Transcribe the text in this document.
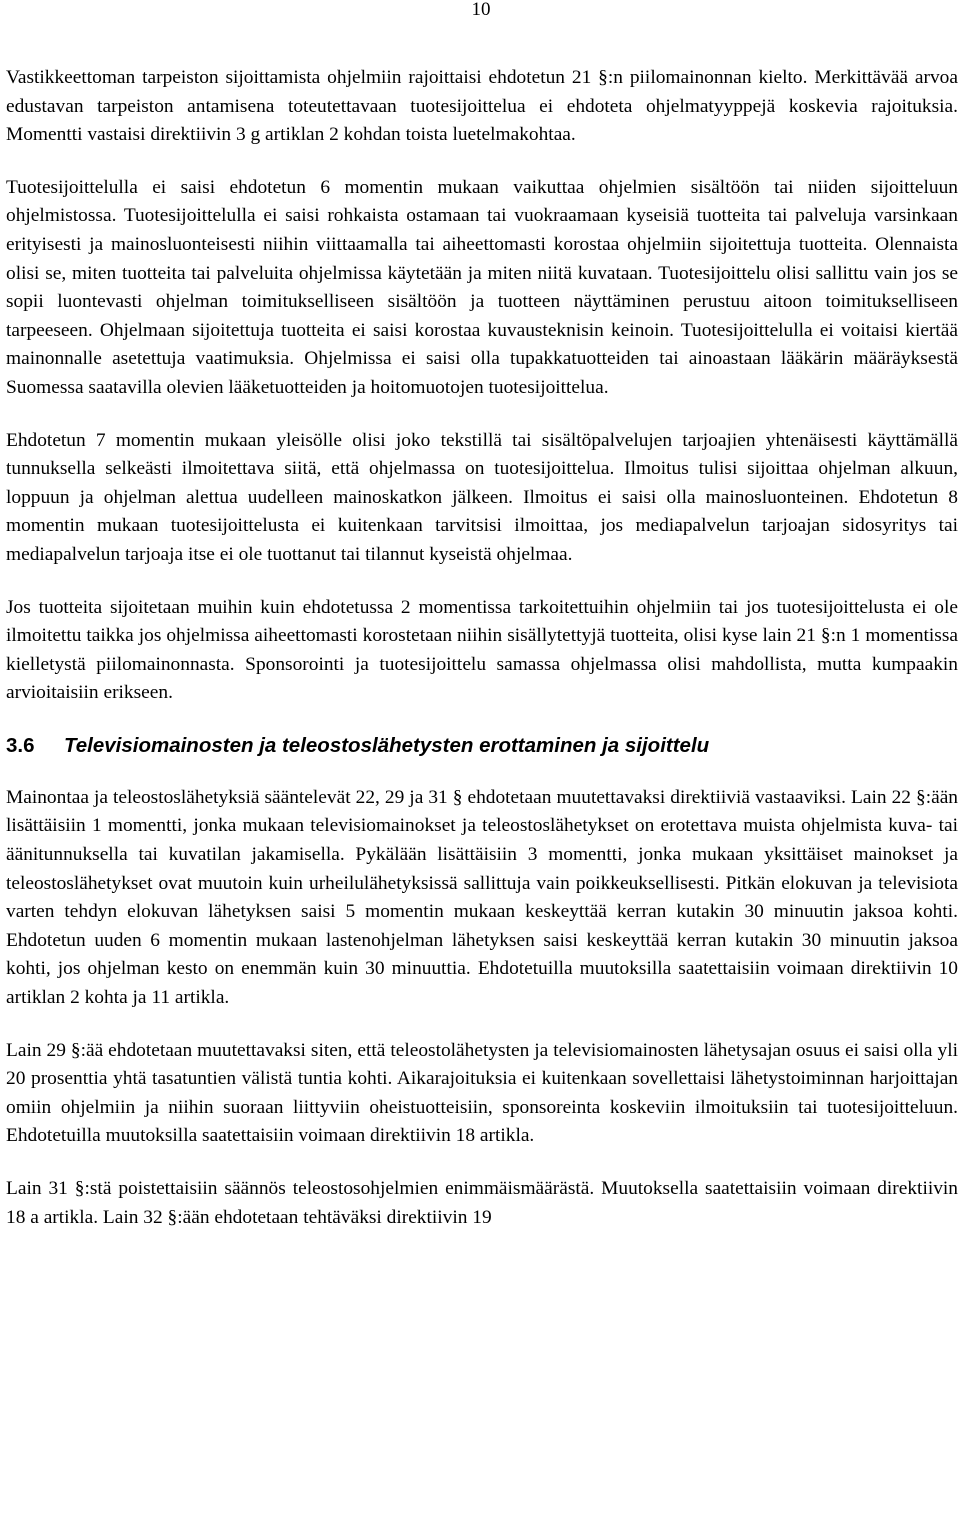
10

Vastikkeettoman tarpeiston sijoittamista ohjelmiin rajoittaisi ehdotetun 21 §:n piilomainonnan kielto. Merkittävää arvoa edustavan tarpeiston antamisena toteutettavaan tuotesijoittelua ei ehdoteta ohjelmatyyppejä koskevia rajoituksia. Momentti vastaisi direktiivin 3 g artiklan 2 kohdan toista luetelmakohtaa.

Tuotesijoittelulla ei saisi ehdotetun 6 momentin mukaan vaikuttaa ohjelmien sisältöön tai niiden sijoitteluun ohjelmistossa. Tuotesijoittelulla ei saisi rohkaista ostamaan tai vuokraamaan kyseisiä tuotteita tai palveluja varsinkaan erityisesti ja mainosluonteisesti niihin viittaamalla tai aiheettomasti korostaa ohjelmiin sijoitettuja tuotteita. Olennaista olisi se, miten tuotteita tai palveluita ohjelmissa käytetään ja miten niitä kuvataan. Tuotesijoittelu olisi sallittu vain jos se sopii luontevasti ohjelman toimitukselliseen sisältöön ja tuotteen näyttäminen perustuu aitoon toimitukselliseen tarpeeseen. Ohjelmaan sijoitettuja tuotteita ei saisi korostaa kuvausteknisin keinoin. Tuotesijoittelulla ei voitaisi kiertää mainonnalle asetettuja vaatimuksia. Ohjelmissa ei saisi olla tupakkatuotteiden tai ainoastaan lääkärin määräyksestä Suomessa saatavilla olevien lääketuotteiden ja hoitomuotojen tuotesijoittelua.

Ehdotetun 7 momentin mukaan yleisölle olisi joko tekstillä tai sisältöpalvelujen tarjoajien yhtenäisesti käyttämällä tunnuksella selkeästi ilmoitettava siitä, että ohjelmassa on tuotesijoittelua. Ilmoitus tulisi sijoittaa ohjelman alkuun, loppuun ja ohjelman alettua uudelleen mainoskatkon jälkeen. Ilmoitus ei saisi olla mainosluonteinen. Ehdotetun 8 momentin mukaan tuotesijoittelusta ei kuitenkaan tarvitsisi ilmoittaa, jos mediapalvelun tarjoajan sidosyritys tai mediapalvelun tarjoaja itse ei ole tuottanut tai tilannut kyseistä ohjelmaa.

Jos tuotteita sijoitetaan muihin kuin ehdotetussa 2 momentissa tarkoitettuihin ohjelmiin tai jos tuotesijoittelusta ei ole ilmoitettu taikka jos ohjelmissa aiheettomasti korostetaan niihin sisällytettyjä tuotteita, olisi kyse lain 21 §:n 1 momentissa kielletystä piilomainonnasta. Sponsorointi ja tuotesijoittelu samassa ohjelmassa olisi mahdollista, mutta kumpaakin arvioitaisiin erikseen.

3.6 Televisiomainosten ja teleostoslähetysten erottaminen ja sijoittelu

Mainontaa ja teleostoslähetyksiä sääntelevät 22, 29 ja 31 § ehdotetaan muutettavaksi direktiiviä vastaaviksi. Lain 22 §:ään lisättäisiin 1 momentti, jonka mukaan televisiomainokset ja teleostoslähetykset on erotettava muista ohjelmista kuva- tai äänitunnuksella tai kuvatilan jakamisella. Pykälään lisättäisiin 3 momentti, jonka mukaan yksittäiset mainokset ja teleostoslähetykset ovat muutoin kuin urheilulähetyksissä sallittuja vain poikkeuksellisesti. Pitkän elokuvan ja televisiota varten tehdyn elokuvan lähetyksen saisi 5 momentin mukaan keskeyttää kerran kutakin 30 minuutin jaksoa kohti. Ehdotetun uuden 6 momentin mukaan lastenohjelman lähetyksen saisi keskeyttää kerran kutakin 30 minuutin jaksoa kohti, jos ohjelman kesto on enemmän kuin 30 minuuttia. Ehdotetuilla muutoksilla saatettaisiin voimaan direktiivin 10 artiklan 2 kohta ja 11 artikla.

Lain 29 §:ää ehdotetaan muutettavaksi siten, että teleostolähetysten ja televisiomainosten lähetysajan osuus ei saisi olla yli 20 prosenttia yhtä tasatuntien välistä tuntia kohti. Aikarajoituksia ei kuitenkaan sovellettaisi lähetystoiminnan harjoittajan omiin ohjelmiin ja niihin suoraan liittyviin oheistuotteisiin, sponsoreinta koskeviin ilmoituksiin tai tuotesijoitteluun. Ehdotetuilla muutoksilla saatettaisiin voimaan direktiivin 18 artikla.

Lain 31 §:stä poistettaisiin säännös teleostosohjelmien enimmäismäärästä. Muutoksella saatettaisiin voimaan direktiivin 18 a artikla. Lain 32 §:ään ehdotetaan tehtäväksi direktiivin 19
